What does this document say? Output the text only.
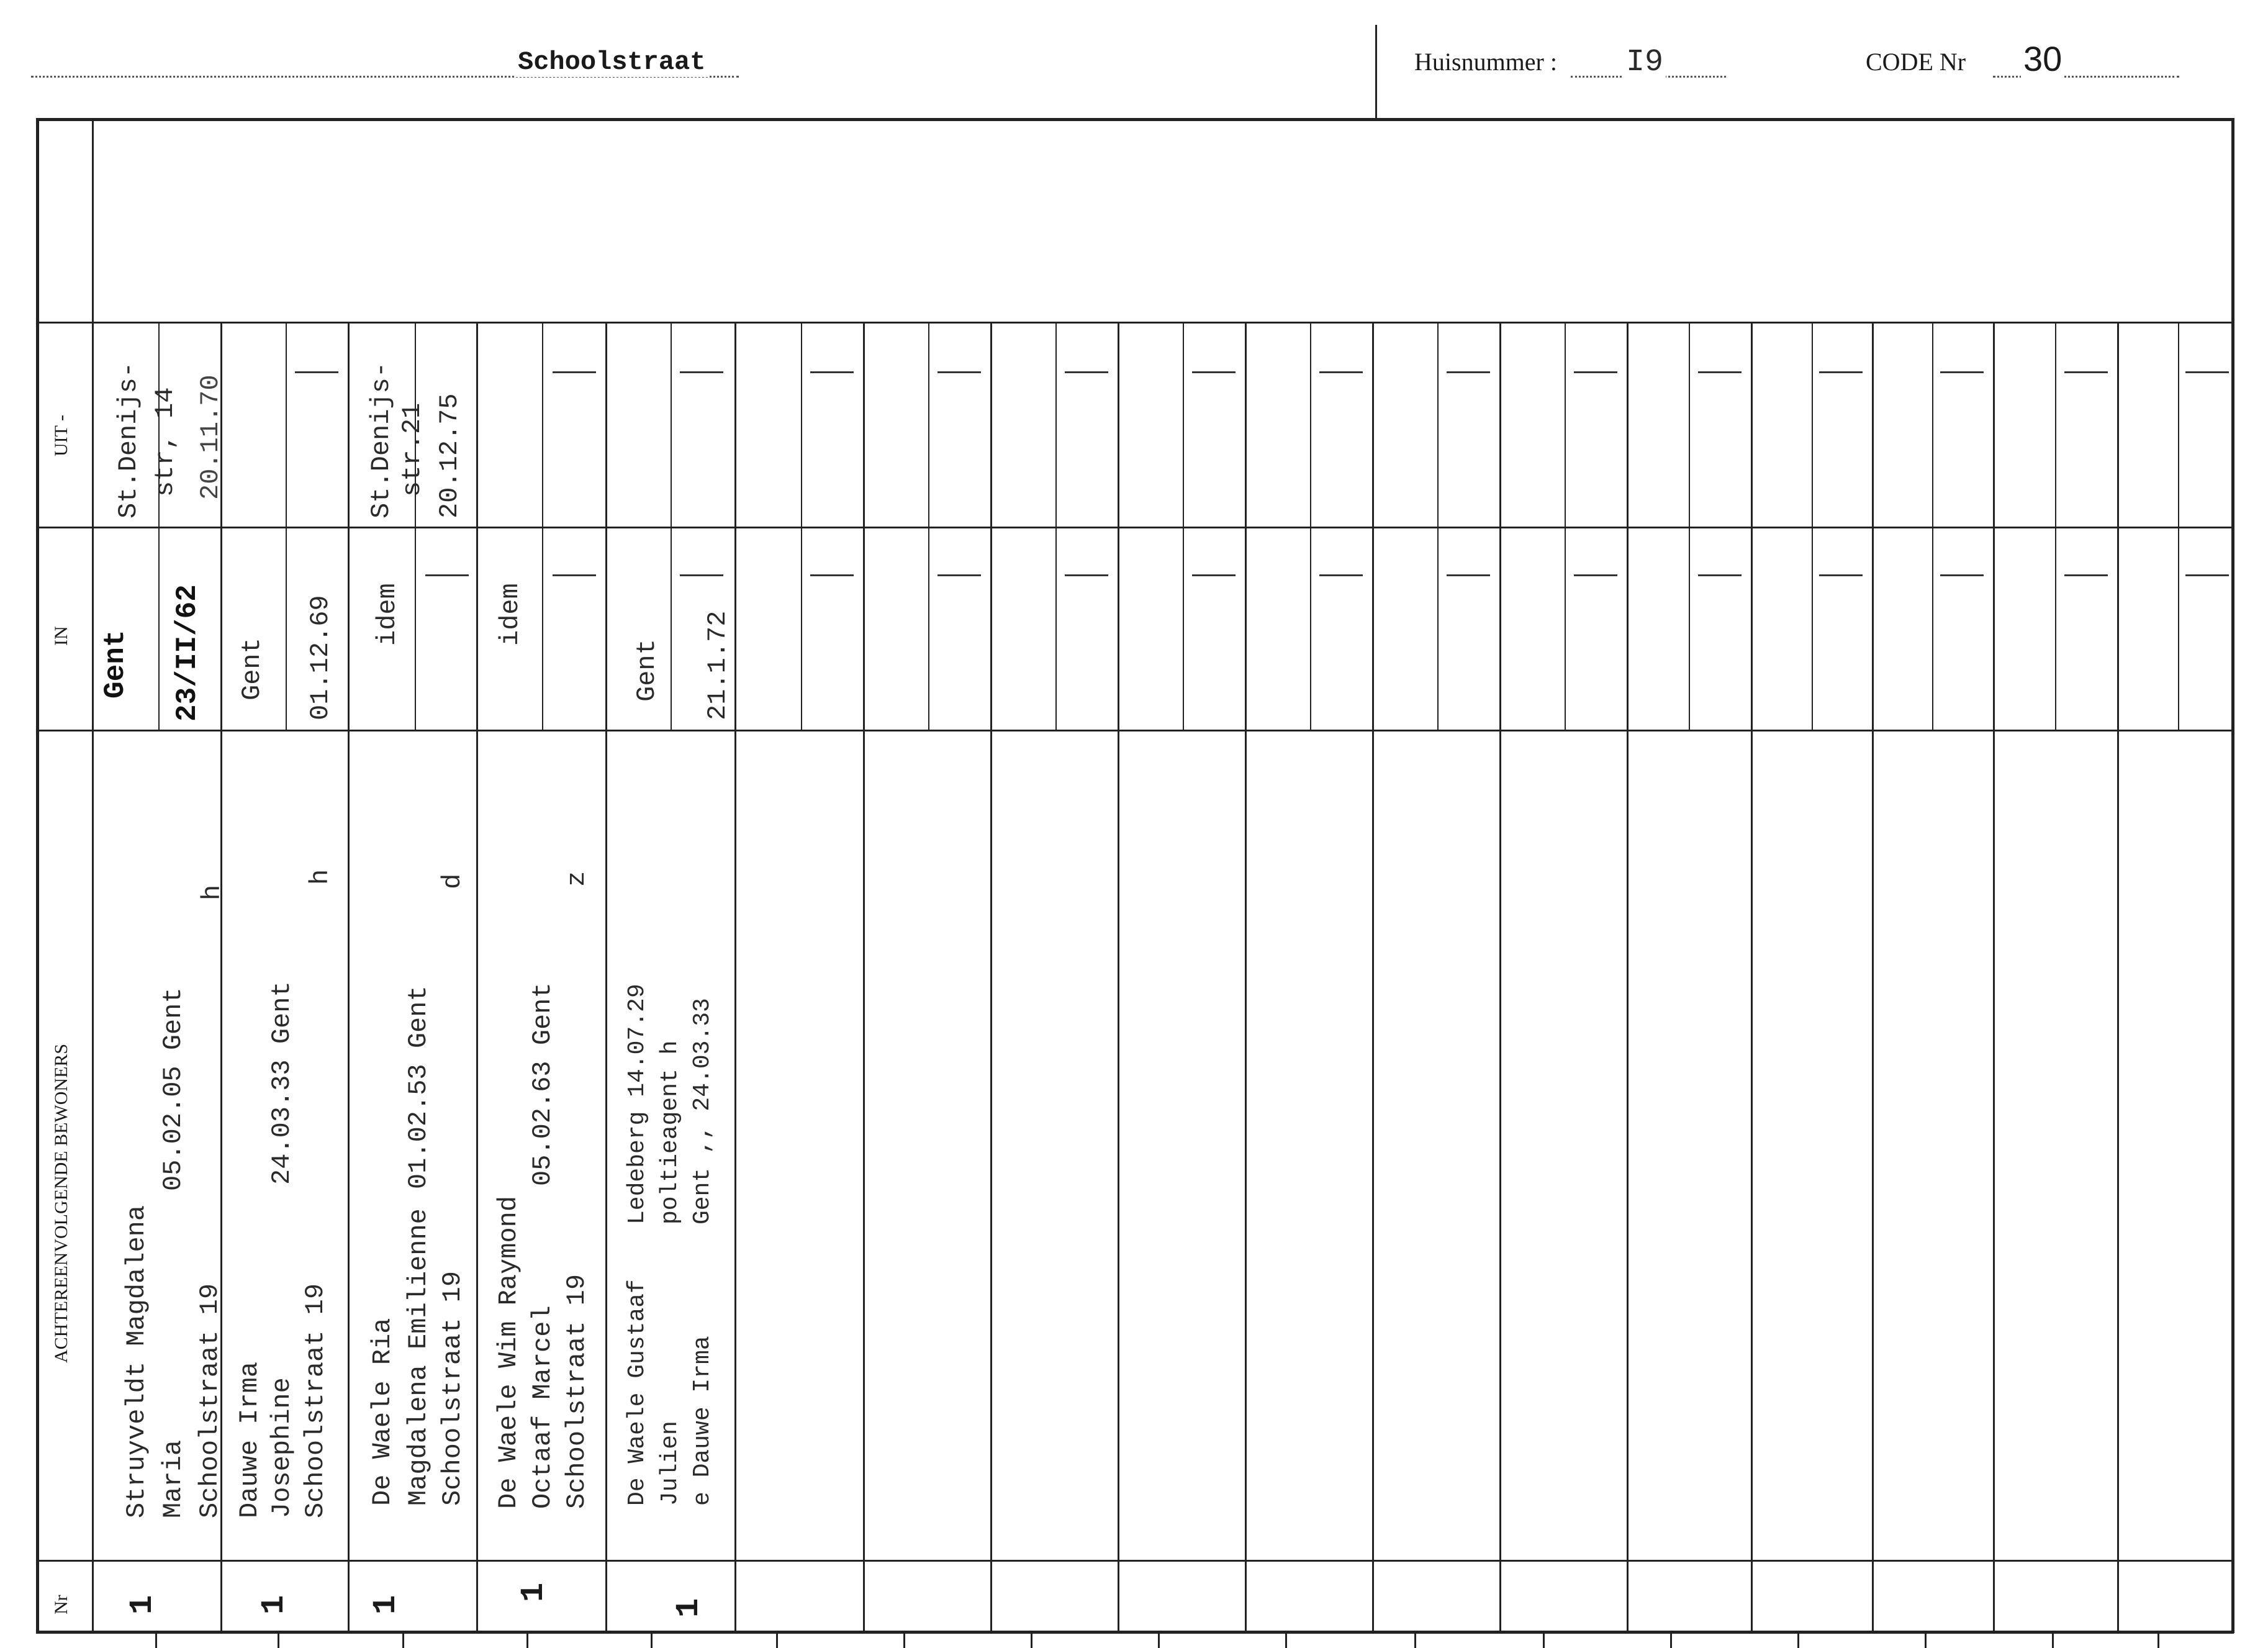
Schoolstraat	Huisnummer : I9	CODE Nr 30
UIT -
IN
ACHTEREENVOLGENDE BEWONERS
Nr
St.Denijs- str, 14 20.11.70
Gent 23/II/62
Struyveldt Magdalena Maria Schoolstraat 19
05.02.05 Gent
h
1
Gent 01.12.69
Dauwe Irma Josephine Schoolstraat 19
24.03.33 Gent
h
1
St.Denijs- str.21 20.12.75
idem
De Waele Ria Magdalena Emilienne Schoolstraat 19
01.02.53 Gent
d
1
idem
De Waele Wim Raymond Octaaf Marcel Schoolstraat 19
05.02.63 Gent
z
1
Gent 21.1.72
De Waele Gustaaf Julien e Dauwe Irma
Ledeberg 14.07.29 poltieagent h Gent ,, 24.03.33
1
